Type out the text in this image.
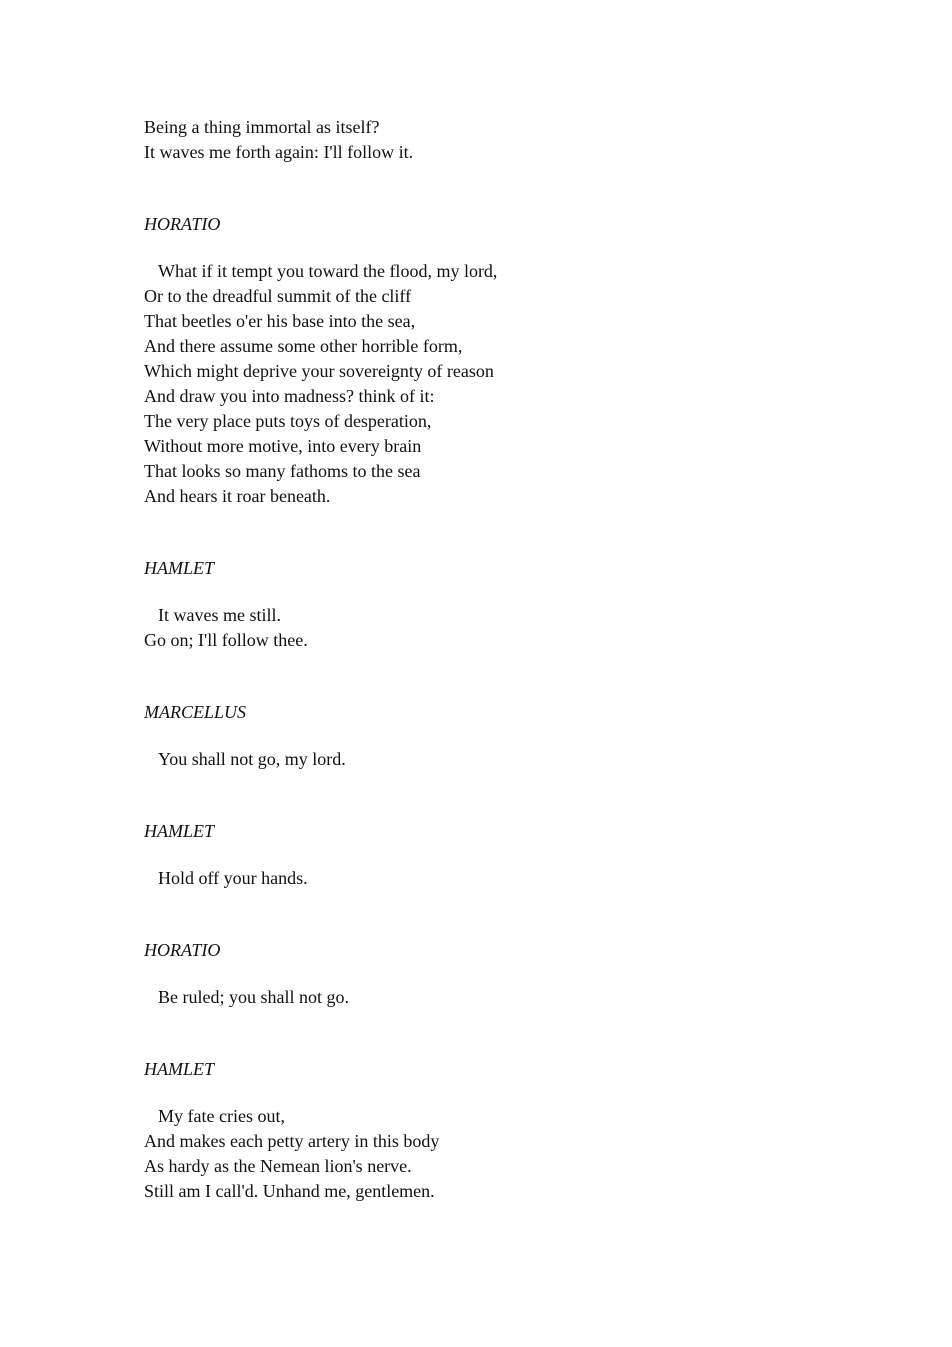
Being a thing immortal as itself?
It waves me forth again: I'll follow it.
HORATIO
What if it tempt you toward the flood, my lord,
Or to the dreadful summit of the cliff
That beetles o'er his base into the sea,
And there assume some other horrible form,
Which might deprive your sovereignty of reason
And draw you into madness? think of it:
The very place puts toys of desperation,
Without more motive, into every brain
That looks so many fathoms to the sea
And hears it roar beneath.
HAMLET
It waves me still.
Go on; I'll follow thee.
MARCELLUS
You shall not go, my lord.
HAMLET
Hold off your hands.
HORATIO
Be ruled; you shall not go.
HAMLET
My fate cries out,
And makes each petty artery in this body
As hardy as the Nemean lion's nerve.
Still am I call'd. Unhand me, gentlemen.
